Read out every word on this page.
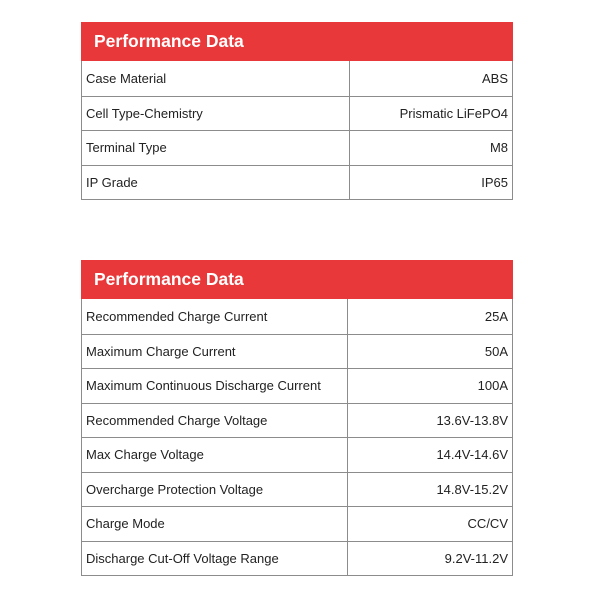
Performance Data
Case Material	ABS
Cell Type-Chemistry	Prismatic LiFePO4
Terminal Type	M8
IP Grade	IP65
Performance Data
Recommended Charge Current	25A
Maximum Charge Current	50A
Maximum Continuous Discharge Current	100A
Recommended Charge Voltage	13.6V-13.8V
Max Charge Voltage	14.4V-14.6V
Overcharge Protection Voltage	14.8V-15.2V
Charge Mode	CC/CV
Discharge Cut-Off Voltage Range	9.2V-11.2V
